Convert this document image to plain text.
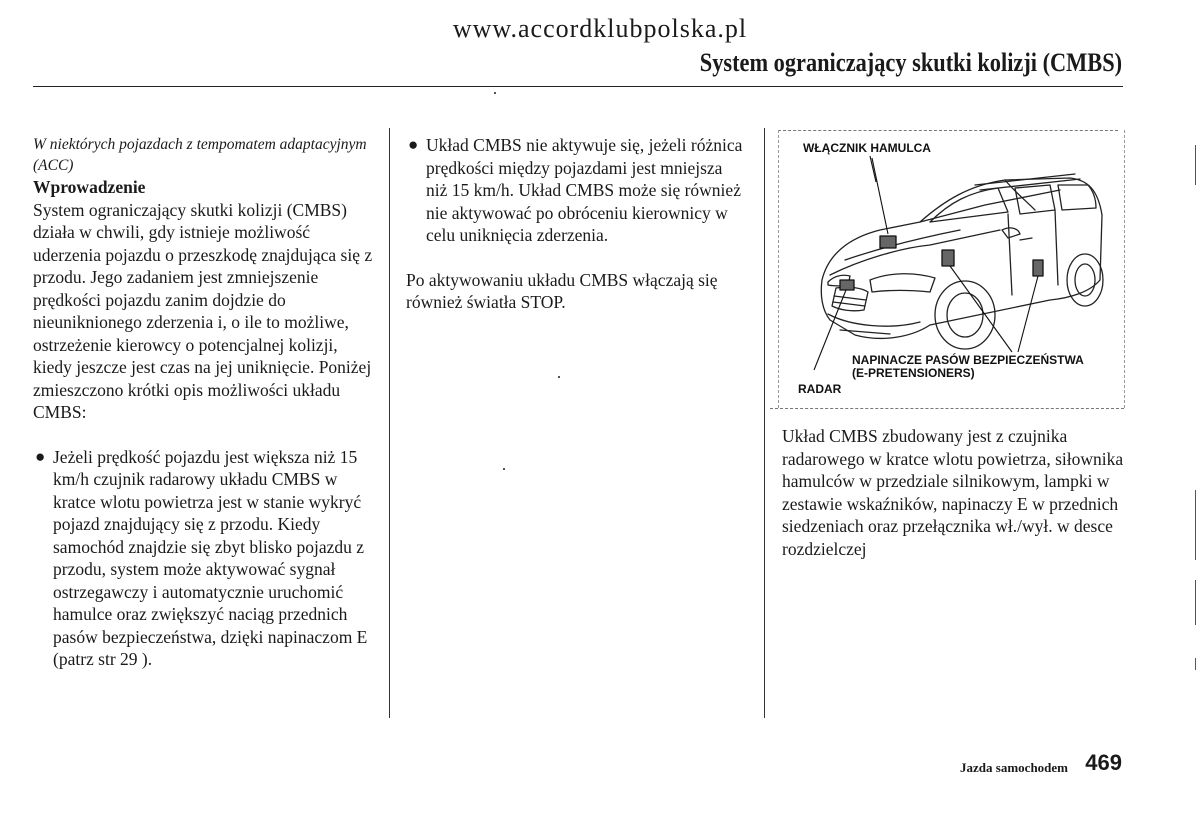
www.accordklubpolska.pl
System ograniczający skutki kolizji (CMBS)

W niektórych pojazdach z tempomatem adaptacyjnym (ACC)

Wprowadzenie

System ograniczający skutki kolizji (CMBS) działa w chwili, gdy istnieje możliwość uderzenia pojazdu o przeszkodę znajdująca się z przodu. Jego zadaniem jest zmniejszenie prędkości pojazdu zanim dojdzie do nieuniknionego zderzenia i, o ile to możliwe, ostrzeżenie kierowcy o potencjalnej kolizji, kiedy jeszcze jest czas na jej uniknięcie. Poniżej zmieszczono krótki opis możliwości układu CMBS:

● Jeżeli prędkość pojazdu jest większa niż 15 km/h czujnik radarowy układu CMBS w kratce wlotu powietrza jest w stanie wykryć pojazd znajdujący się z przodu. Kiedy samochód znajdzie się zbyt blisko pojazdu z przodu, system może aktywować sygnał ostrzegawczy i automatycznie uruchomić hamulce oraz zwiększyć naciąg przednich pasów bezpieczeństwa, dzięki napinaczom E (patrz str 29 ).

● Układ CMBS nie aktywuje się, jeżeli różnica prędkości między pojazdami jest mniejsza niż 15 km/h. Układ CMBS może się również nie aktywować po obróceniu kierownicy w celu uniknięcia zderzenia.

Po aktywowaniu układu CMBS włączają się również światła STOP.

WŁĄCZNIK HAMULCA
NAPINACZE PASÓW BEZPIECZEŃSTWA
(E-PRETENSIONERS)
RADAR

Układ CMBS zbudowany jest z czujnika radarowego w kratce wlotu powietrza, siłownika hamulców w przedziale silnikowym, lampki w zestawie wskaźników, napinaczy E w przednich siedzeniach oraz przełącznika wł./wył. w desce rozdzielczej

Jazda samochodem 469
